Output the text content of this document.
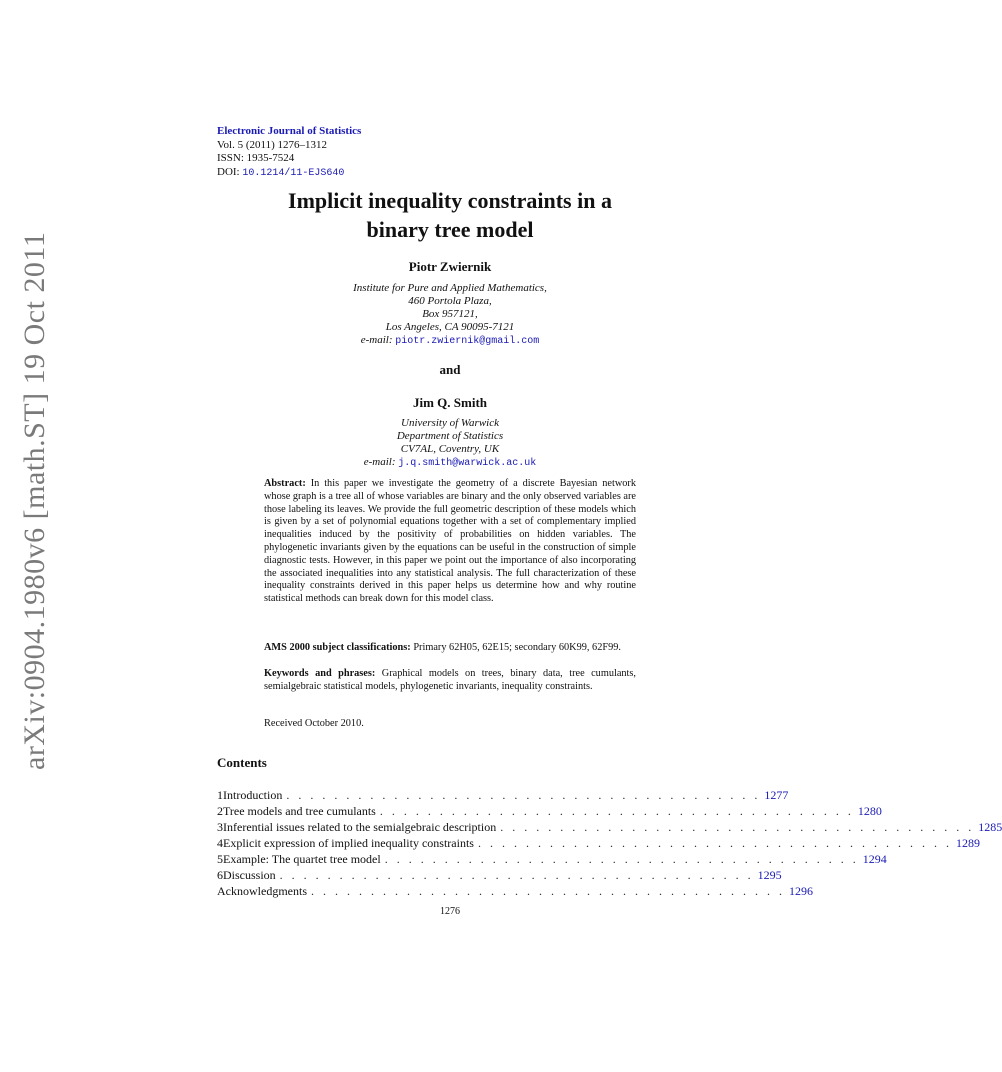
arXiv:0904.1980v6 [math.ST] 19 Oct 2011
Electronic Journal of Statistics
Vol. 5 (2011) 1276–1312
ISSN: 1935-7524
DOI: 10.1214/11-EJS640
Implicit inequality constraints in a
binary tree model
Piotr Zwiernik
Institute for Pure and Applied Mathematics,
460 Portola Plaza,
Box 957121,
Los Angeles, CA 90095-7121
e-mail: piotr.zwiernik@gmail.com
and
Jim Q. Smith
University of Warwick
Department of Statistics
CV7AL, Coventry, UK
e-mail: j.q.smith@warwick.ac.uk
Abstract: In this paper we investigate the geometry of a discrete Bayesian network whose graph is a tree all of whose variables are binary and the only observed variables are those labeling its leaves. We provide the full geometric description of these models which is given by a set of polynomial equations together with a set of complementary implied inequalities induced by the positivity of probabilities on hidden variables. The phylogenetic invariants given by the equations can be useful in the construction of simple diagnostic tests. However, in this paper we point out the importance of also incorporating the associated inequalities into any statistical analysis. The full characterization of these inequality constraints derived in this paper helps us determine how and why routine statistical methods can break down for this model class.
AMS 2000 subject classifications: Primary 62H05, 62E15; secondary 60K99, 62F99.
Keywords and phrases: Graphical models on trees, binary data, tree cumulants, semialgebraic statistical models, phylogenetic invariants, inequality constraints.
Received October 2010.
Contents
1 Introduction . . . . . . . . . . . . . . . . . . . . . . . . . . . . . . . . . . . . . . . . 1277
2 Tree models and tree cumulants . . . . . . . . . . . . . . . . . . . . . . . . . . . . . . . . . . . . . . . . 1280
3 Inferential issues related to the semialgebraic description . . . . . . . . . . . . . . . . . . . . . . . . . . . . . . . . . . . . . . . . 1285
4 Explicit expression of implied inequality constraints . . . . . . . . . . . . . . . . . . . . . . . . . . . . . . . . . . . . . . . . 1289
5 Example: The quartet tree model . . . . . . . . . . . . . . . . . . . . . . . . . . . . . . . . . . . . . . . . 1294
6 Discussion . . . . . . . . . . . . . . . . . . . . . . . . . . . . . . . . . . . . . . . . 1295
Acknowledgments . . . . . . . . . . . . . . . . . . . . . . . . . . . . . . . . . . . . . . . . 1296
1276
